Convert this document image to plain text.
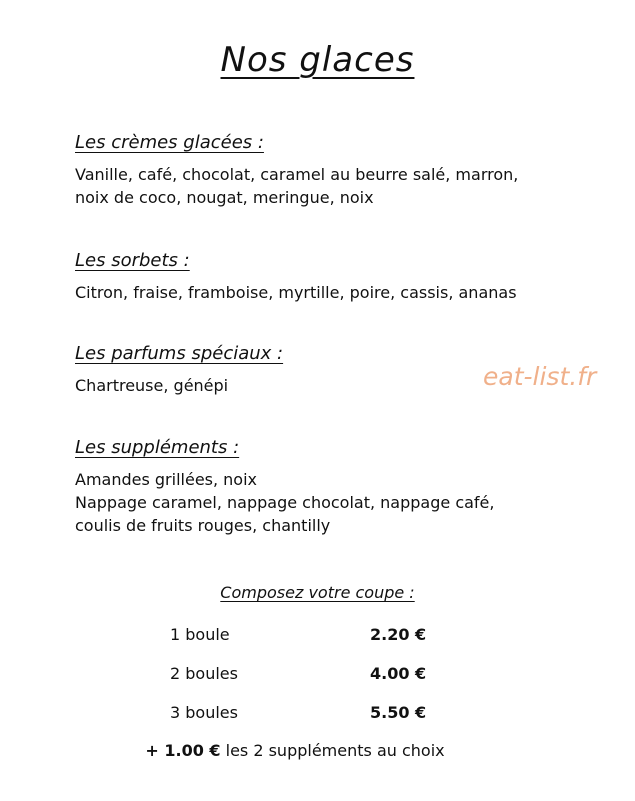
Nos glaces
Les crèmes glacées :
Vanille, café, chocolat, caramel au beurre salé, marron,
noix de coco, nougat, meringue, noix
Les sorbets :
Citron, fraise, framboise, myrtille, poire, cassis, ananas
Les parfums spéciaux :
Chartreuse, génépi	eat-list.fr
Les suppléments :
Amandes grillées, noix
Nappage caramel, nappage chocolat, nappage café,
coulis de fruits rouges, chantilly
Composez votre coupe :
1 boule	2.20 €
2 boules	4.00 €
3 boules	5.50 €
+ 1.00 € les 2 suppléments au choix
